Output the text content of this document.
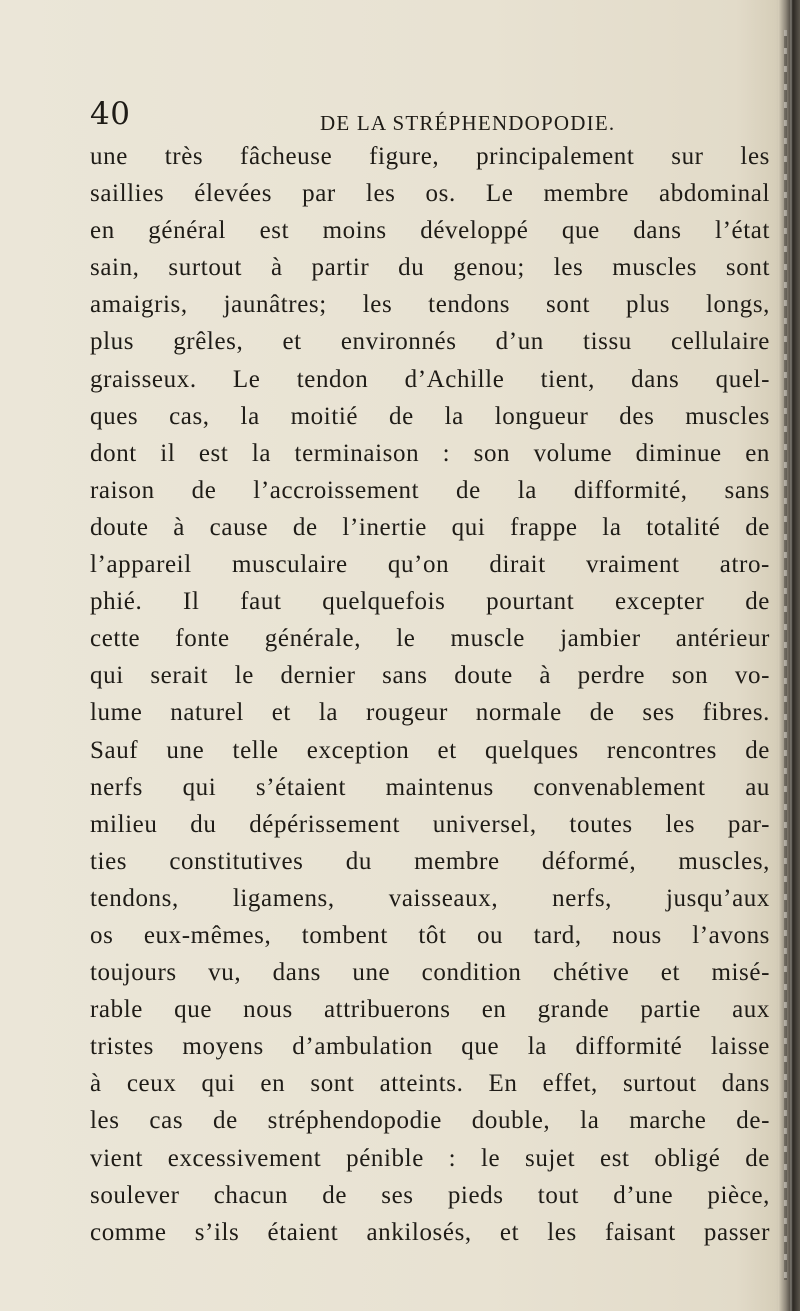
40	DE LA STRÉPHENDOPODIE.
une très fâcheuse figure, principalement sur les
saillies élevées par les os. Le membre abdominal
en général est moins développé que dans l’état
sain, surtout à partir du genou; les muscles sont
amaigris, jaunâtres; les tendons sont plus longs,
plus grêles, et environnés d’un tissu cellulaire
graisseux. Le tendon d’Achille tient, dans quel-
ques cas, la moitié de la longueur des muscles
dont il est la terminaison : son volume diminue en
raison de l’accroissement de la difformité, sans
doute à cause de l’inertie qui frappe la totalité de
l’appareil musculaire qu’on dirait vraiment atro-
phié. Il faut quelquefois pourtant excepter de
cette fonte générale, le muscle jambier antérieur
qui serait le dernier sans doute à perdre son vo-
lume naturel et la rougeur normale de ses fibres.
Sauf une telle exception et quelques rencontres de
nerfs qui s’étaient maintenus convenablement au
milieu du dépérissement universel, toutes les par-
ties constitutives du membre déformé, muscles,
tendons, ligamens, vaisseaux, nerfs, jusqu’aux
os eux-mêmes, tombent tôt ou tard, nous l’avons
toujours vu, dans une condition chétive et misé-
rable que nous attribuerons en grande partie aux
tristes moyens d’ambulation que la difformité laisse
à ceux qui en sont atteints. En effet, surtout dans
les cas de stréphendopodie double, la marche de-
vient excessivement pénible : le sujet est obligé de
soulever chacun de ses pieds tout d’une pièce,
comme s’ils étaient ankilosés, et les faisant passer
